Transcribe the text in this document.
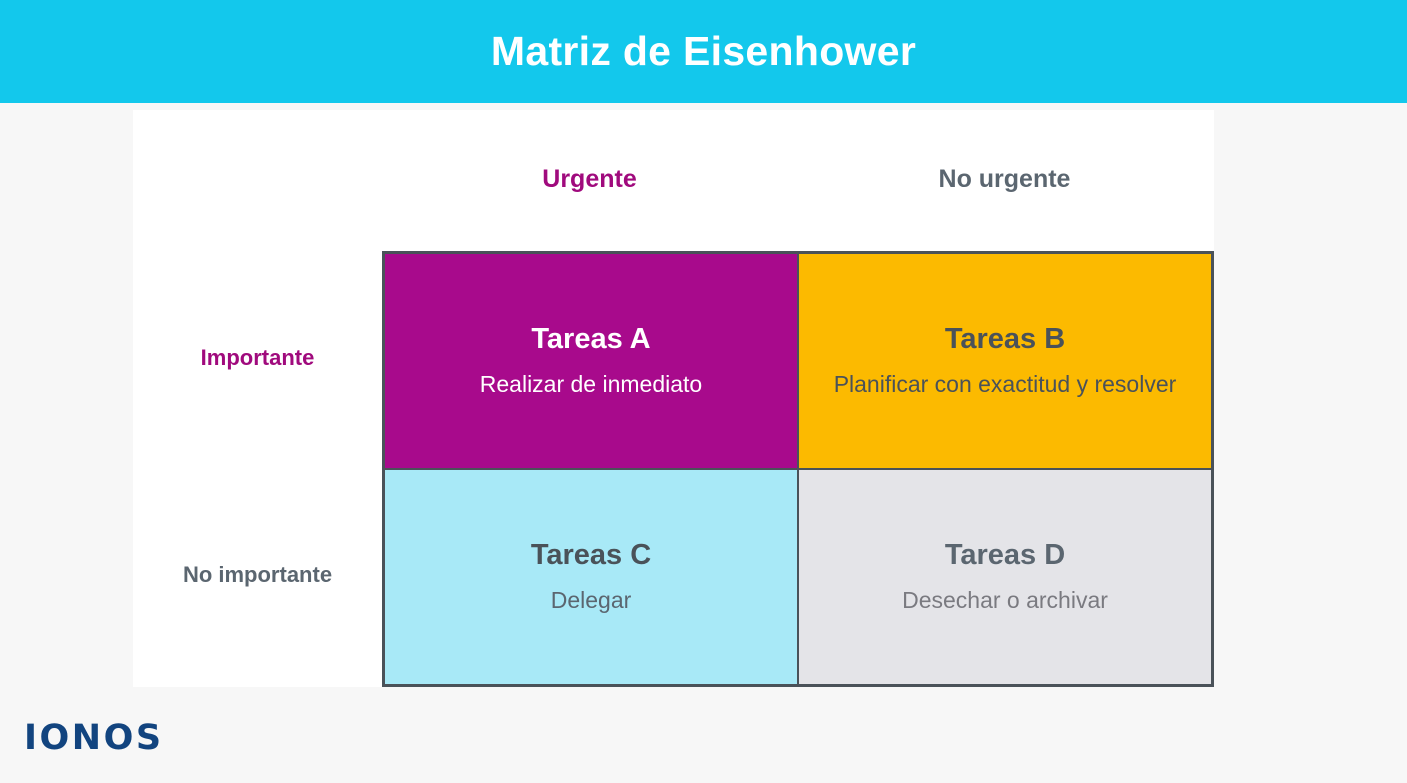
Matriz de Eisenhower
Urgente	No urgente
Importante
No importante
Tareas A
Realizar de inmediato
Tareas B
Planificar con exactitud y resolver
Tareas C
Delegar
Tareas D
Desechar o archivar
IONOS
